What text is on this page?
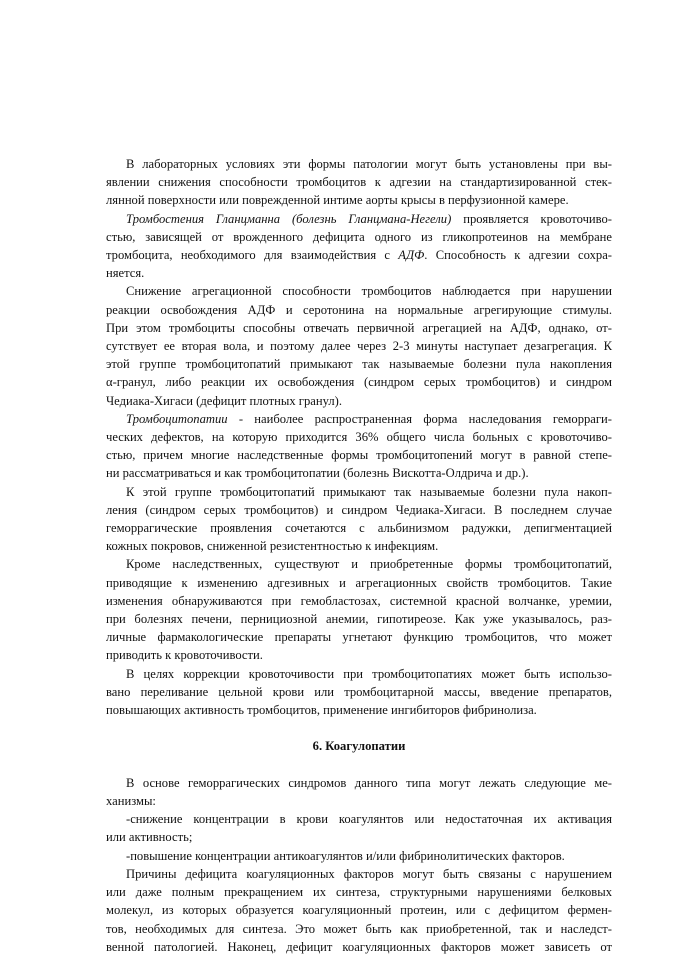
В лабораторных условиях эти формы патологии могут быть установлены при вы-
явлении снижения способности тромбоцитов к адгезии на стандартизированной стек-
лянной поверхности или поврежденной интиме аорты крысы в перфузионной камере.
Тромбостения Гланцманна (болезнь Гланцмана-Негели) проявляется кровоточиво-
стью, зависящей от врожденного дефицита одного из гликопротеинов на мембране
тромбоцита, необходимого для взаимодействия с АДФ. Способность к адгезии сохра-
няется.
Снижение агрегационной способности тромбоцитов наблюдается при нарушении
реакции освобождения АДФ и серотонина на нормальные агрегирующие стимулы.
При этом тромбоциты способны отвечать первичной агрегацией на АДФ, однако, от-
сутствует ее вторая вола, и поэтому далее через 2-3 минуты наступает дезагрегация. К
этой группе тромбоцитопатий примыкают так называемые болезни пула накопления
α-гранул, либо реакции их освобождения (синдром серых тромбоцитов) и синдром
Чедиака-Хигаси (дефицит плотных гранул).
Тромбоцитопатии - наиболее распространенная форма наследования геморраги-
ческих дефектов, на которую приходится 36% общего числа больных с кровоточиво-
стью, причем многие наследственные формы тромбоцитопений могут в равной степе-
ни рассматриваться и как тромбоцитопатии (болезнь Вискотта-Олдрича и др.).
К этой группе тромбоцитопатий примыкают так называемые болезни пула накоп-
ления (синдром серых тромбоцитов) и синдром Чедиака-Хигаси. В последнем случае
геморрагические проявления сочетаются с альбинизмом радужки, депигментацией
кожных покровов, сниженной резистентностью к инфекциям.
Кроме наследственных, существуют и приобретенные формы тромбоцитопатий,
приводящие к изменению адгезивных и агрегационных свойств тромбоцитов. Такие
изменения обнаруживаются при гемобластозах, системной красной волчанке, уремии,
при болезнях печени, пернициозной анемии, гипотиреозе. Как уже указывалось, раз-
личные фармакологические препараты угнетают функцию тромбоцитов, что может
приводить к кровоточивости.
В целях коррекции кровоточивости при тромбоцитопатиях может быть использо-
вано переливание цельной крови или тромбоцитарной массы, введение препаратов,
повышающих активность тромбоцитов, применение ингибиторов фибринолиза.
6. Коагулопатии
В основе геморрагических синдромов данного типа могут лежать следующие ме-
ханизмы:
-снижение концентрации в крови коагулянтов или недостаточная их активация
или активность;
-повышение концентрации антикоагулянтов и/или фибринолитических факторов.
Причины дефицита коагуляционных факторов могут быть связаны с нарушением
или даже полным прекращением их синтеза, структурными нарушениями белковых
молекул, из которых образуется коагуляционный протеин, или с дефицитом фермен-
тов, необходимых для синтеза. Это может быть как приобретенной, так и наследст-
венной патологией. Наконец, дефицит коагуляционных факторов может зависеть от
